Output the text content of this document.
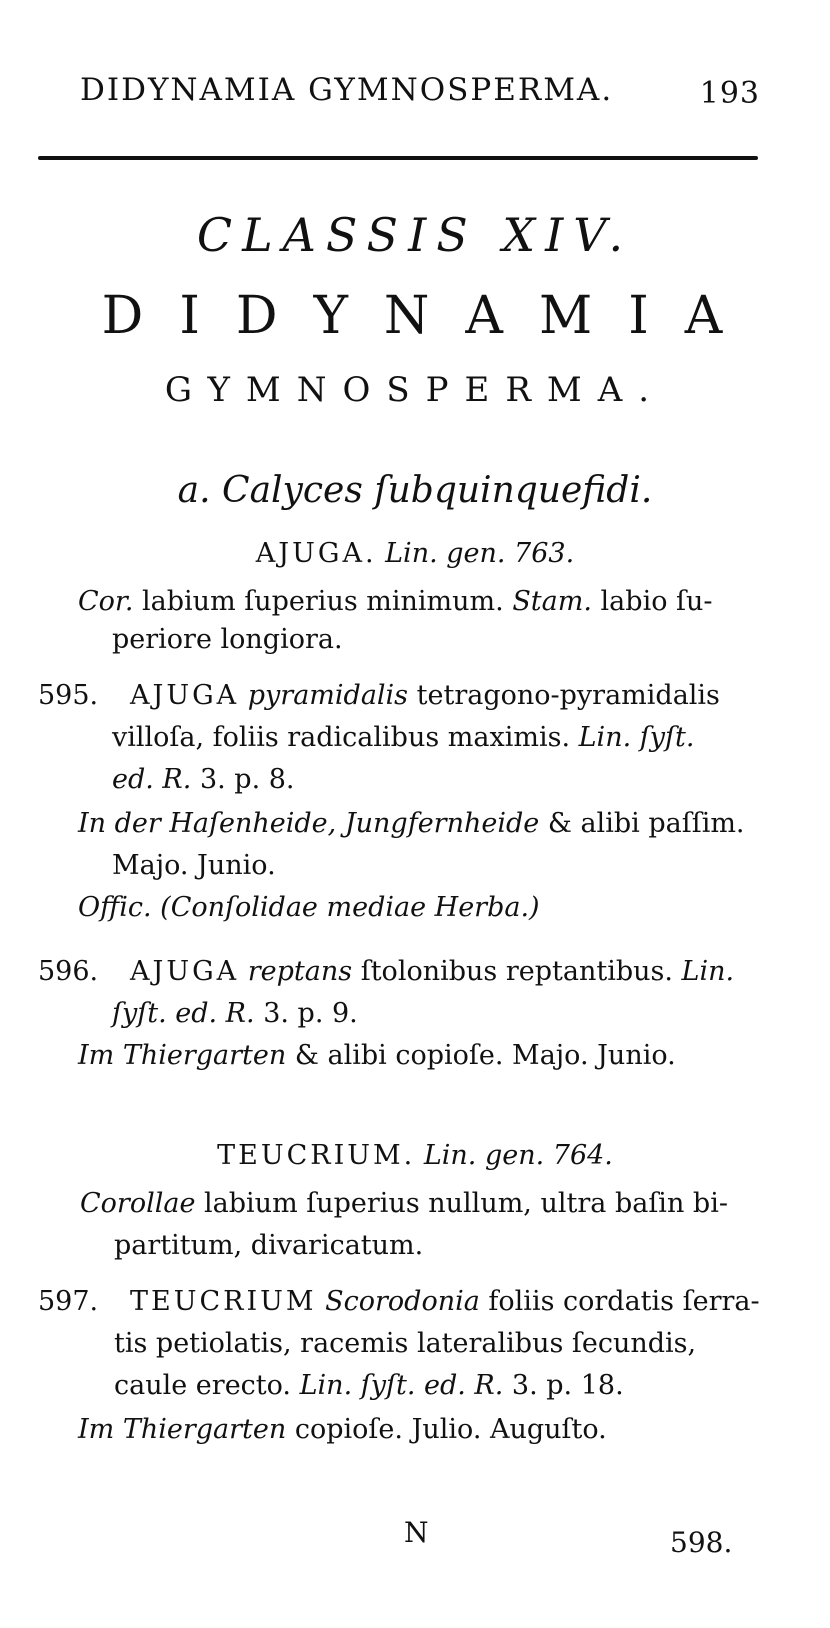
DIDYNAMIA GYMNOSPERMA.	193
CLASSIS XIV.
DIDYNAMIA
GYMNOSPERMA.
a. Calyces ſubquinquefidi.
AJUGA. Lin. gen. 763.
Cor. labium ſuperius minimum. Stam. labio ſu-
periore longiora.
595. AJUGA pyramidalis tetragono-pyramidalis
villoſa, foliis radicalibus maximis. Lin. ſyſt.
ed. R. 3. p. 8.
In der Haſenheide, Jungfernheide & alibi paſſim.
Majo. Junio.
Offic. (Conſolidae mediae Herba.)
596. AJUGA reptans ſtolonibus reptantibus. Lin.
ſyſt. ed. R. 3. p. 9.
Im Thiergarten & alibi copioſe. Majo. Junio.
TEUCRIUM. Lin. gen. 764.
Corollae labium ſuperius nullum, ultra baſin bi-
partitum, divaricatum.
597. TEUCRIUM Scorodonia foliis cordatis ſerra-
tis petiolatis, racemis lateralibus ſecundis,
caule erecto. Lin. ſyſt. ed. R. 3. p. 18.
Im Thiergarten copioſe. Julio. Auguſto.
N	598.
